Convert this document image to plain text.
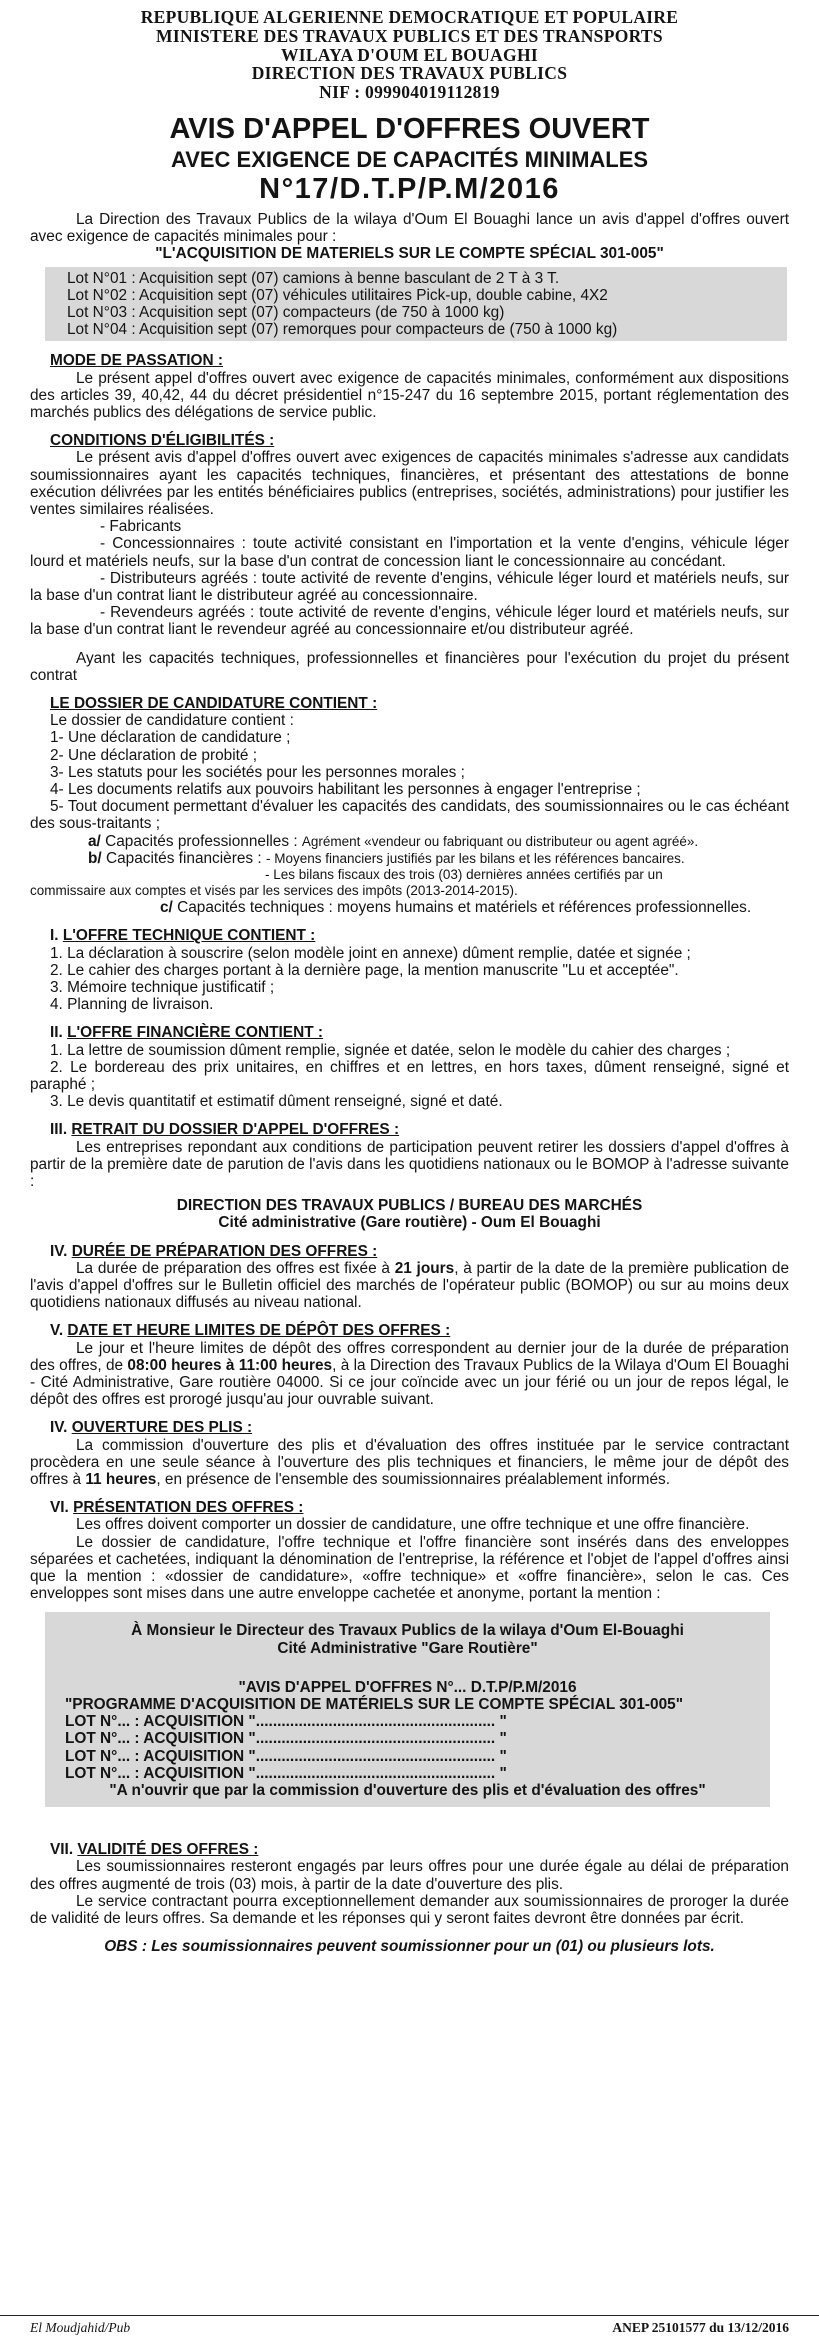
REPUBLIQUE ALGERIENNE DEMOCRATIQUE ET POPULAIRE
MINISTERE DES TRAVAUX PUBLICS ET DES TRANSPORTS
WILAYA D'OUM EL BOUAGHI
DIRECTION DES TRAVAUX PUBLICS
NIF : 099904019112819
AVIS D'APPEL D'OFFRES OUVERT
AVEC EXIGENCE DE CAPACITÉS MINIMALES
N°17/D.T.P/P.M/2016

La Direction des Travaux Publics de la wilaya d'Oum El Bouaghi lance un avis d'appel d'offres ouvert avec exigence de capacités minimales pour :

"L'ACQUISITION DE MATERIELS SUR LE COMPTE SPÉCIAL 301-005"

Lot N°01 : Acquisition sept (07) camions à benne basculant de 2 T à 3 T.
Lot N°02 : Acquisition sept (07) véhicules utilitaires Pick-up, double cabine, 4X2
Lot N°03 : Acquisition sept (07) compacteurs (de 750 à 1000 kg)
Lot N°04 : Acquisition sept (07) remorques pour compacteurs de (750 à 1000 kg)
MODE DE PASSATION :

Le présent appel d'offres ouvert avec exigence de capacités minimales, conformément aux dispositions des articles 39, 40,42, 44 du décret présidentiel n°15-247 du 16 septembre 2015, portant réglementation des marchés publics des délégations de service public.

CONDITIONS D'ÉLIGIBILITÉS :

Le présent avis d'appel d'offres ouvert avec exigences de capacités minimales s'adresse aux candidats soumissionnaires ayant les capacités techniques, financières, et présentant des attestations de bonne exécution délivrées par les entités bénéficiaires publics (entreprises, sociétés, administrations) pour justifier les ventes similaires réalisées.

- Fabricants

- Concessionnaires : toute activité consistant en l'importation et la vente d'engins, véhicule léger lourd et matériels neufs, sur la base d'un contrat de concession liant le concessionnaire au concédant.

- Distributeurs agréés : toute activité de revente d'engins, véhicule léger lourd et matériels neufs, sur la base d'un contrat liant le distributeur agréé au concessionnaire.

- Revendeurs agréés : toute activité de revente d'engins, véhicule léger lourd et matériels neufs, sur la base d'un contrat liant le revendeur agréé au concessionnaire et/ou distributeur agréé.

Ayant les capacités techniques, professionnelles et financières pour l'exécution du projet du présent contrat

LE DOSSIER DE CANDIDATURE CONTIENT :

Le dossier de candidature contient :

1- Une déclaration de candidature ;

2- Une déclaration de probité ;

3- Les statuts pour les sociétés pour les personnes morales ;

4- Les documents relatifs aux pouvoirs habilitant les personnes à engager l'entreprise ;

5- Tout document permettant d'évaluer les capacités des candidats, des soumissionnaires ou le cas échéant des sous-traitants ;

a/ Capacités professionnelles : Agrément «vendeur ou fabriquant ou distributeur ou agent agréé».

b/ Capacités financières : - Moyens financiers justifiés par les bilans et les références bancaires.

- Les bilans fiscaux des trois (03) dernières années certifiés par un

commissaire aux comptes et visés par les services des impôts (2013-2014-2015).

c/ Capacités techniques : moyens humains et matériels et références professionnelles.

I. L'OFFRE TECHNIQUE CONTIENT :

1. La déclaration à souscrire (selon modèle joint en annexe) dûment remplie, datée et signée ;

2. Le cahier des charges portant à la dernière page, la mention manuscrite "Lu et acceptée".

3. Mémoire technique justificatif ;

4. Planning de livraison.

II. L'OFFRE FINANCIÈRE CONTIENT :

1. La lettre de soumission dûment remplie, signée et datée, selon le modèle du cahier des charges ;

2. Le bordereau des prix unitaires, en chiffres et en lettres, en hors taxes, dûment renseigné, signé et paraphé ;

3. Le devis quantitatif et estimatif dûment renseigné, signé et daté.

III. RETRAIT DU DOSSIER D'APPEL D'OFFRES :

Les entreprises repondant aux conditions de participation peuvent retirer les dossiers d'appel d'offres à partir de la première date de parution de l'avis dans les quotidiens nationaux ou le BOMOP à l'adresse suivante :

DIRECTION DES TRAVAUX PUBLICS / BUREAU DES MARCHÉS

Cité administrative (Gare routière) - Oum El Bouaghi

IV. DURÉE DE PRÉPARATION DES OFFRES :

La durée de préparation des offres est fixée à 21 jours, à partir de la date de la première publication de l'avis d'appel d'offres sur le Bulletin officiel des marchés de l'opérateur public (BOMOP) ou sur au moins deux quotidiens nationaux diffusés au niveau national.

V. DATE ET HEURE LIMITES DE DÉPÔT DES OFFRES :

Le jour et l'heure limites de dépôt des offres correspondent au dernier jour de la durée de préparation des offres, de 08:00 heures à 11:00 heures, à la Direction des Travaux Publics de la Wilaya d'Oum El Bouaghi - Cité Administrative, Gare routière 04000. Si ce jour coïncide avec un jour férié ou un jour de repos légal, le dépôt des offres est prorogé jusqu'au jour ouvrable suivant.

IV. OUVERTURE DES PLIS :

La commission d'ouverture des plis et d'évaluation des offres instituée par le service contractant procèdera en une seule séance à l'ouverture des plis techniques et financiers, le même jour de dépôt des offres à 11 heures, en présence de l'ensemble des soumissionnaires préalablement informés.

VI. PRÉSENTATION DES OFFRES :

Les offres doivent comporter un dossier de candidature, une offre technique et une offre financière.

Le dossier de candidature, l'offre technique et l'offre financière sont insérés dans des enveloppes séparées et cachetées, indiquant la dénomination de l'entreprise, la référence et l'objet de l'appel d'offres ainsi que la mention : «dossier de candidature», «offre technique» et «offre financière», selon le cas. Ces enveloppes sont mises dans une autre enveloppe cachetée et anonyme, portant la mention :

À Monsieur le Directeur des Travaux Publics de la wilaya d'Oum El-Bouaghi
Cité Administrative "Gare Routière"
"AVIS D'APPEL D'OFFRES N°... D.T.P/P.M/2016
"PROGRAMME D'ACQUISITION DE MATÉRIELS SUR LE COMPTE SPÉCIAL 301-005"
LOT N°... : ACQUISITION "........................................................ "
LOT N°... : ACQUISITION "........................................................ "
LOT N°... : ACQUISITION "........................................................ "
LOT N°... : ACQUISITION "........................................................ "
"A n'ouvrir que par la commission d'ouverture des plis et d'évaluation des offres"
VII. VALIDITÉ DES OFFRES :

Les soumissionnaires resteront engagés par leurs offres pour une durée égale au délai de préparation des offres augmenté de trois (03) mois, à partir de la date d'ouverture des plis.

Le service contractant pourra exceptionnellement demander aux soumissionnaires de proroger la durée de validité de leurs offres. Sa demande et les réponses qui y seront faites devront être données par écrit.

OBS : Les soumissionnaires peuvent soumissionner pour un (01) ou plusieurs lots.

El Moudjahid/Pub	ANEP 25101577 du 13/12/2016
